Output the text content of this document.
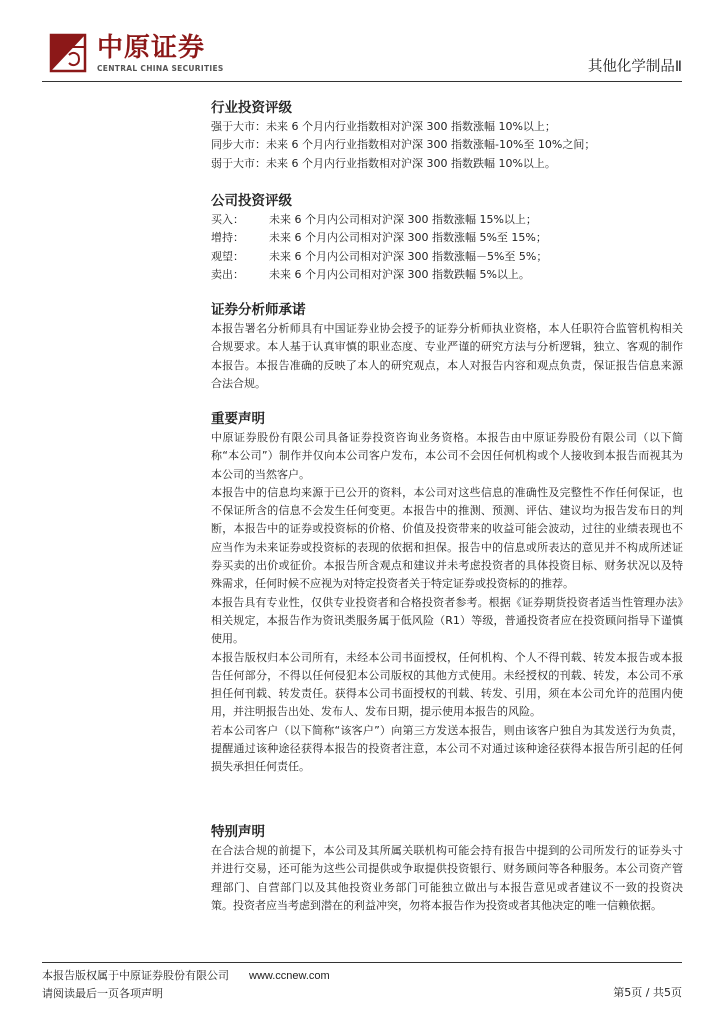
中原证券
CENTRAL CHINA SECURITIES	其他化学制品Ⅱ
行业投资评级
强于大市：未来 6 个月内行业指数相对沪深 300 指数涨幅 10%以上；
同步大市：未来 6 个月内行业指数相对沪深 300 指数涨幅-10%至 10%之间；
弱于大市：未来 6 个月内行业指数相对沪深 300 指数跌幅 10%以上。
公司投资评级
买入：	未来 6 个月内公司相对沪深 300 指数涨幅 15%以上；
增持：	未来 6 个月内公司相对沪深 300 指数涨幅 5%至 15%；
观望：	未来 6 个月内公司相对沪深 300 指数涨幅－5%至 5%；
卖出：	未来 6 个月内公司相对沪深 300 指数跌幅 5%以上。
证券分析师承诺

本报告署名分析师具有中国证券业协会授予的证券分析师执业资格，本人任职符合监管机构相关合规要求。本人基于认真审慎的职业态度、专业严谨的研究方法与分析逻辑，独立、客观的制作本报告。本报告准确的反映了本人的研究观点，本人对报告内容和观点负责，保证报告信息来源合法合规。

重要声明

中原证券股份有限公司具备证券投资咨询业务资格。本报告由中原证券股份有限公司（以下简称“本公司”）制作并仅向本公司客户发布，本公司不会因任何机构或个人接收到本报告而视其为本公司的当然客户。

本报告中的信息均来源于已公开的资料，本公司对这些信息的准确性及完整性不作任何保证，也不保证所含的信息不会发生任何变更。本报告中的推测、预测、评估、建议均为报告发布日的判断，本报告中的证券或投资标的价格、价值及投资带来的收益可能会波动，过往的业绩表现也不应当作为未来证券或投资标的表现的依据和担保。报告中的信息或所表达的意见并不构成所述证券买卖的出价或征价。本报告所含观点和建议并未考虑投资者的具体投资目标、财务状况以及特殊需求，任何时候不应视为对特定投资者关于特定证券或投资标的的推荐。

本报告具有专业性，仅供专业投资者和合格投资者参考。根据《证券期货投资者适当性管理办法》相关规定，本报告作为资讯类服务属于低风险（R1）等级，普通投资者应在投资顾问指导下谨慎使用。

本报告版权归本公司所有，未经本公司书面授权，任何机构、个人不得刊载、转发本报告或本报告任何部分，不得以任何侵犯本公司版权的其他方式使用。未经授权的刊载、转发，本公司不承担任何刊载、转发责任。获得本公司书面授权的刊载、转发、引用，须在本公司允许的范围内使用，并注明报告出处、发布人、发布日期，提示使用本报告的风险。

若本公司客户（以下简称“该客户”）向第三方发送本报告，则由该客户独自为其发送行为负责，提醒通过该种途径获得本报告的投资者注意，本公司不对通过该种途径获得本报告所引起的任何损失承担任何责任。

特别声明

在合法合规的前提下，本公司及其所属关联机构可能会持有报告中提到的公司所发行的证券头寸并进行交易，还可能为这些公司提供或争取提供投资银行、财务顾问等各种服务。本公司资产管理部门、自营部门以及其他投资业务部门可能独立做出与本报告意见或者建议不一致的投资决策。投资者应当考虑到潜在的利益冲突，勿将本报告作为投资或者其他决定的唯一信赖依据。

本报告版权属于中原证券股份有限公司 www.ccnew.com
请阅读最后一页各项声明	第5页 / 共5页
